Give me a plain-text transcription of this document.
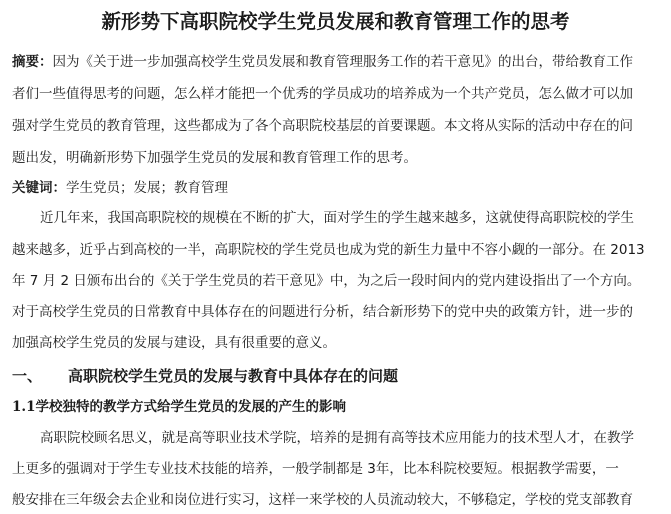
新形势下高职院校学生党员发展和教育管理工作的思考
摘要：因为《关于进一步加强高校学生党员发展和教育管理服务工作的若干意见》的出台，带给教育工作
者们一些值得思考的问题，怎么样才能把一个优秀的学员成功的培养成为一个共产党员，怎么做才可以加
强对学生党员的教育管理，这些都成为了各个高职院校基层的首要课题。本文将从实际的活动中存在的问
题出发，明确新形势下加强学生党员的发展和教育管理工作的思考。
关键词：学生党员；发展；教育管理
近几年来，我国高职院校的规模在不断的扩大，面对学生的学生越来越多，这就使得高职院校的学生
越来越多，近乎占到高校的一半，高职院校的学生党员也成为党的新生力量中不容小觑的一部分。在 2013
年 7 月 2 日颁布出台的《关于学生党员的若干意见》中，为之后一段时间内的党内建设指出了一个方向。
对于高校学生党员的日常教育中具体存在的问题进行分析，结合新形势下的党中央的政策方针，进一步的
加强高校学生党员的发展与建设，具有很重要的意义。
一、 高职院校学生党员的发展与教育中具体存在的问题
1.1学校独特的教学方式给学生党员的发展的产生的影响
高职院校顾名思义，就是高等职业技术学院，培养的是拥有高等技术应用能力的技术型人才，在教学
上更多的强调对于学生专业技术技能的培养，一般学制都是 3年，比本科院校要短。根据教学需要，一
般安排在三年级会去企业和岗位进行实习，这样一来学校的人员流动较大，不够稳定，学校的党支部教育
